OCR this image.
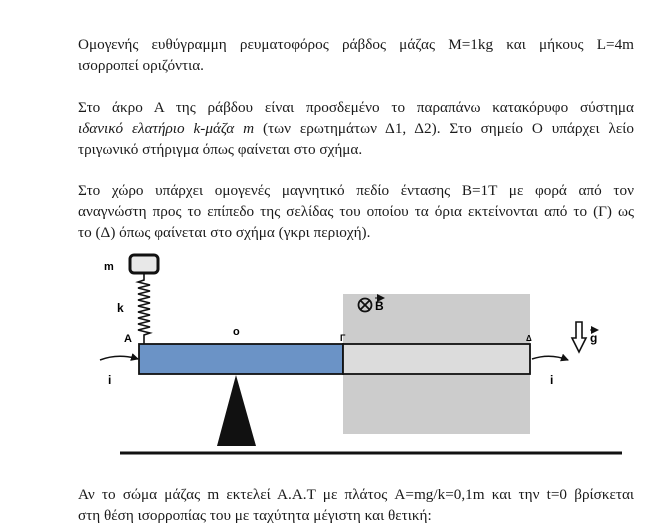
Ομογενής ευθύγραμμη ρευματοφόρος ράβδος μάζας M=1kg και μήκους L=4m
ισορροπεί οριζόντια.

Στο άκρο Α της ράβδου είναι προσδεμένο το παραπάνω κατακόρυφο σύστημα
ιδανικό ελατήριο k-μάζα m (των ερωτημάτων Δ1, Δ2). Στο σημείο Ο υπάρχει λείο
τριγωνικό στήριγμα όπως φαίνεται στο σχήμα.

Στο χώρο υπάρχει ομογενές μαγνητικό πεδίο έντασης B=1T με φορά από τον
αναγνώστη προς το επίπεδο της σελίδας του οποίου τα όρια εκτείνονται από το (Γ) ως
το (Δ) όπως φαίνεται στο σχήμα (γκρι περιοχή).

m
k
A
o	Γ	Δ
i	i
B
g

Αν το σώμα μάζας m εκτελεί Α.Α.Τ με πλάτος A=mg/k=0,1m και την t=0 βρίσκεται
στη θέση ισορροπίας του με ταχύτητα μέγιστη και θετική:
